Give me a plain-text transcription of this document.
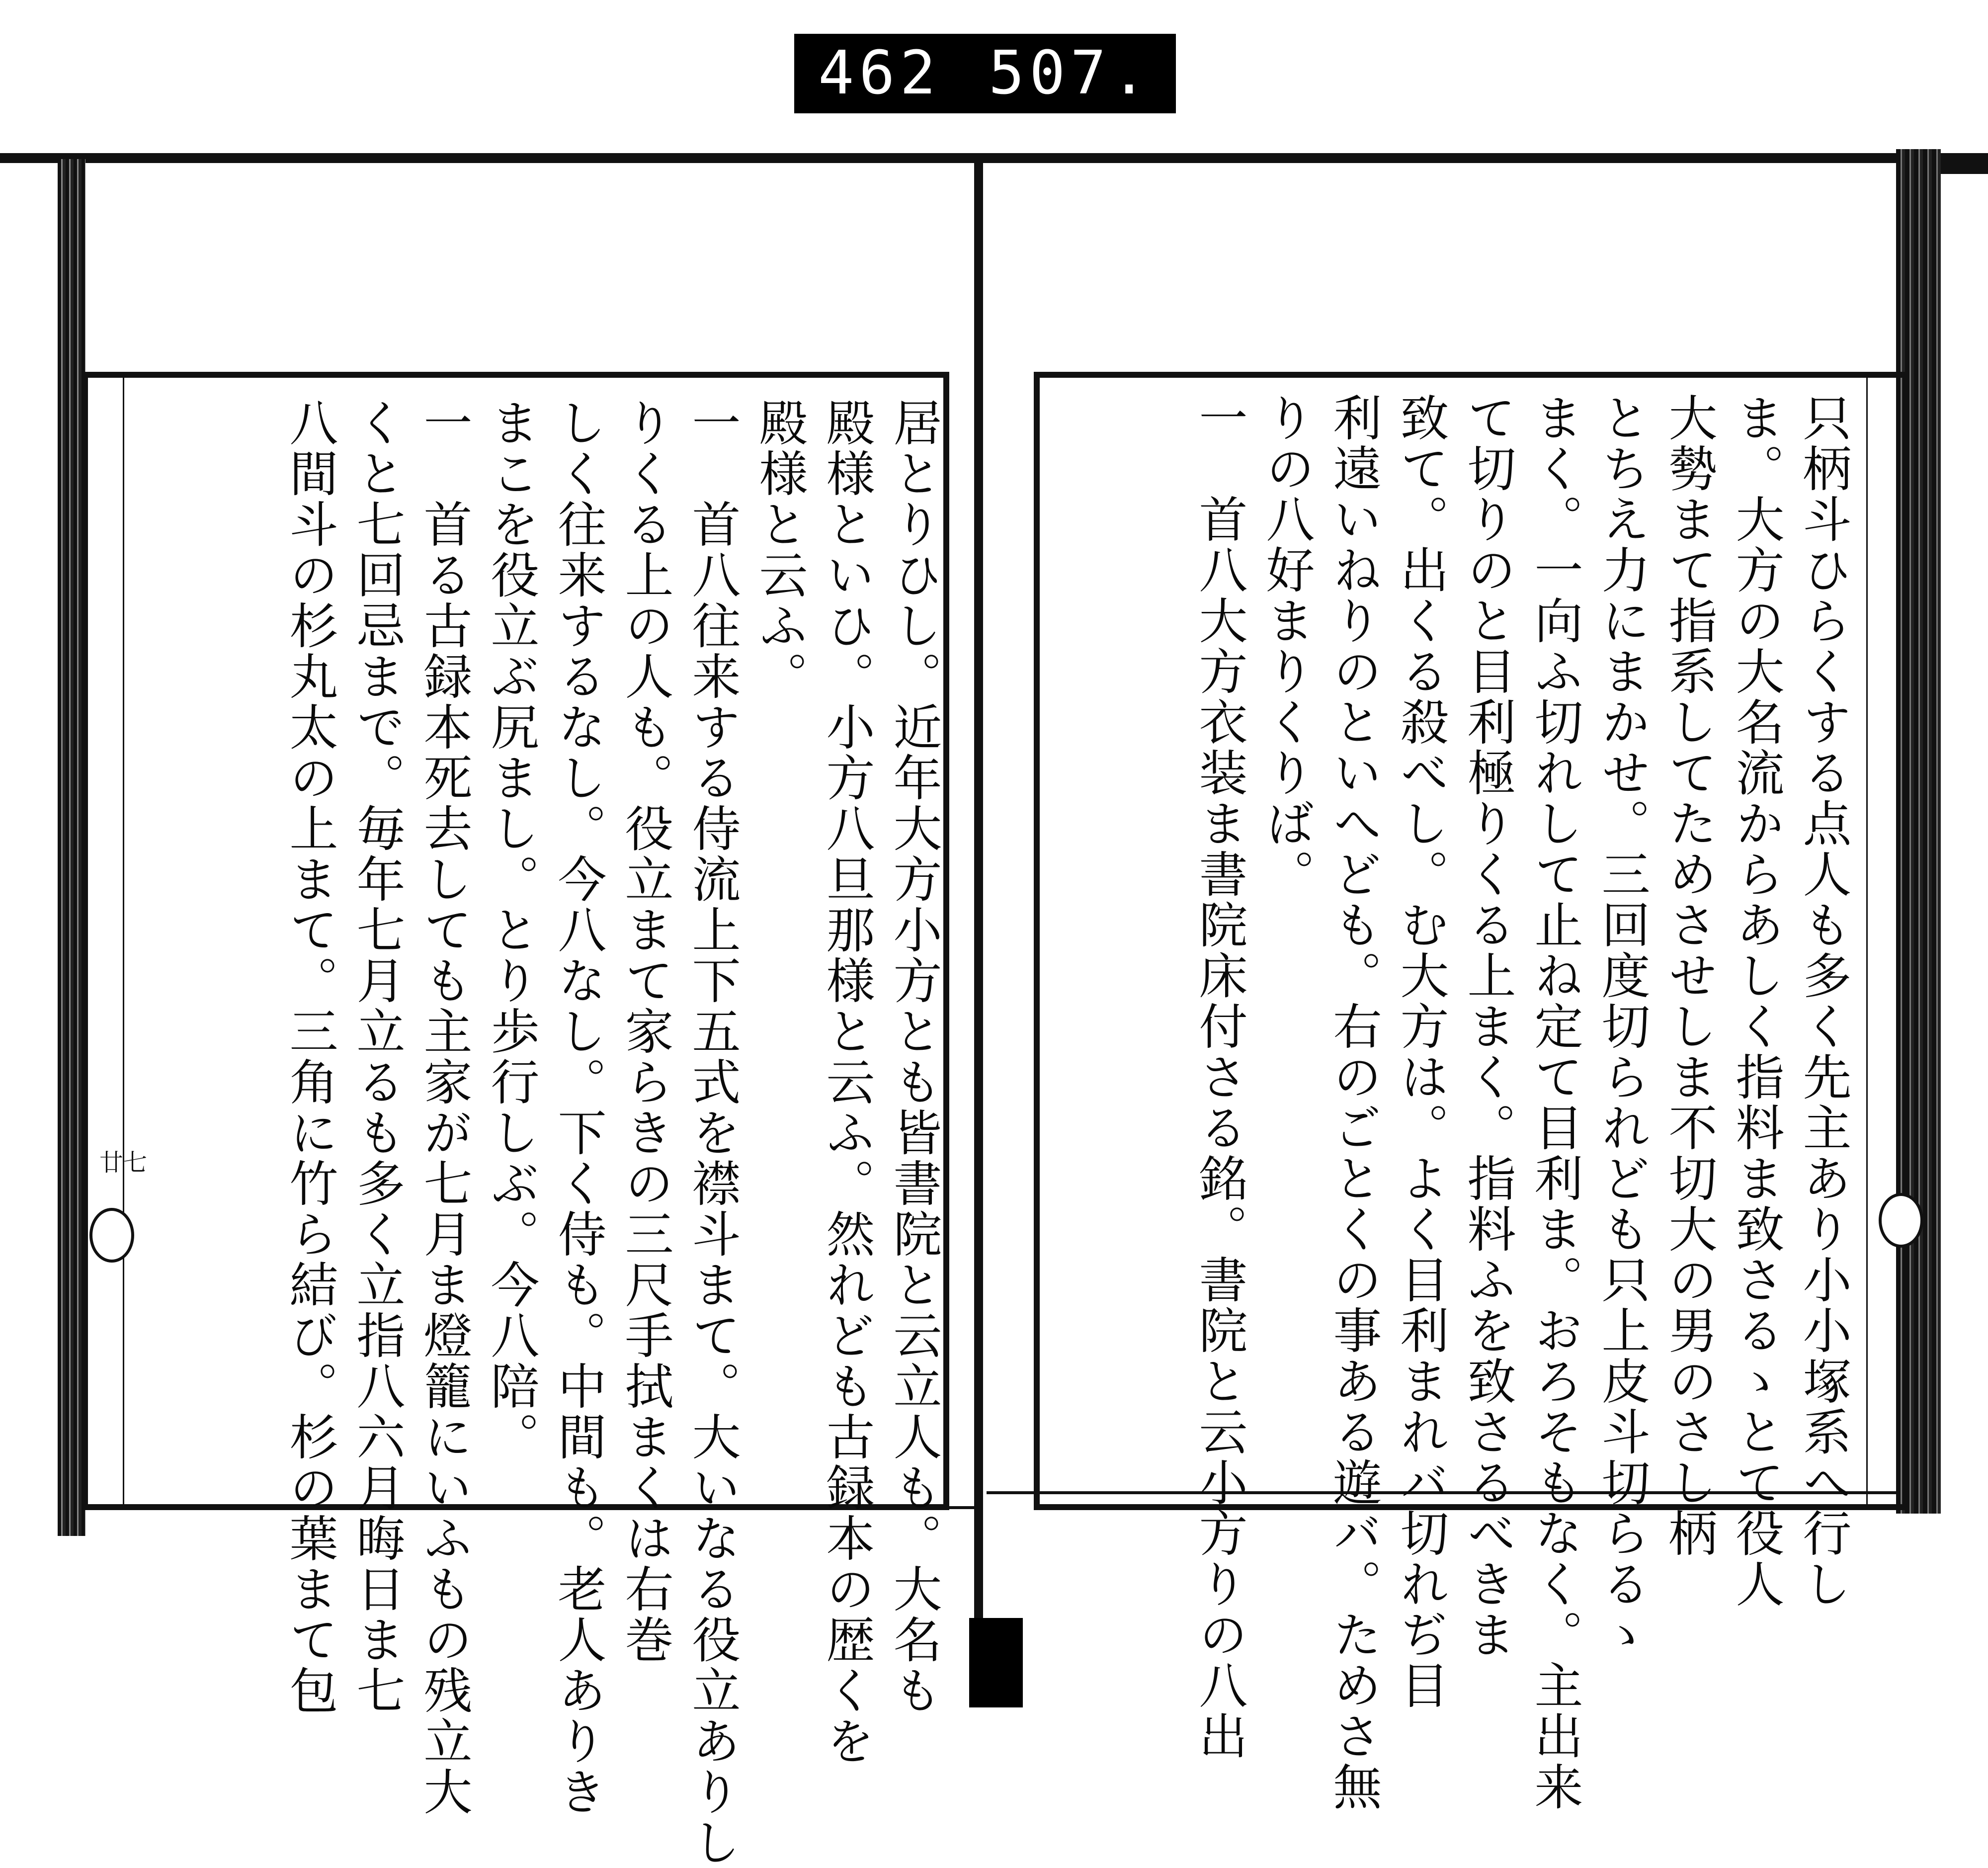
462 507.
只柄斗ひらくする点人も多く先主あり小小塚系へ行し
ま。大方の大名流からあしく指料ま致さるゝとて役人
大勢まて指系してためさせしま不切大の男のさし柄
とちえ力にまかせ。三回度切られども只上皮斗切らるゝ
まく。一向ふ切れして止ね定て目利ま。おろそもなく。主出来
て切りのと目利極りくる上まく。指料ふを致さるべきま
致て。出くる殺べし。む大方は。よく目利まれバ切れぢ目
利遠いねりのといへども。右のごとくの事ある遊バ。ためさ無
りの八好まりくりば。
一　首八大方衣装ま書院床付さる銘。書院と云小方りの八出
居とりひし。近年大方小方とも皆書院と云立人も。大名も
殿様といひ。小方八旦那様と云ふ。然れども古録本の歴くを
殿様と云ふ。
一　首八往来する侍流上下五式を襟斗まて。大いなる役立ありし
りくる上の人も。役立まて家らきの三尺手拭まくは右巻
しく往来するなし。今八なし。下く侍も。中間も。老人ありき
まこを役立ぶ尻まし。とり歩行しぶ。今八陪。
一　首る古録本死去しても主家が七月ま燈籠にいふもの残立大
くと七回忌まで。毎年七月立るも多く立指八六月晦日ま七
八間斗の杉丸太の上まて。三角に竹ら結び。杉の葉まて包
廿七
